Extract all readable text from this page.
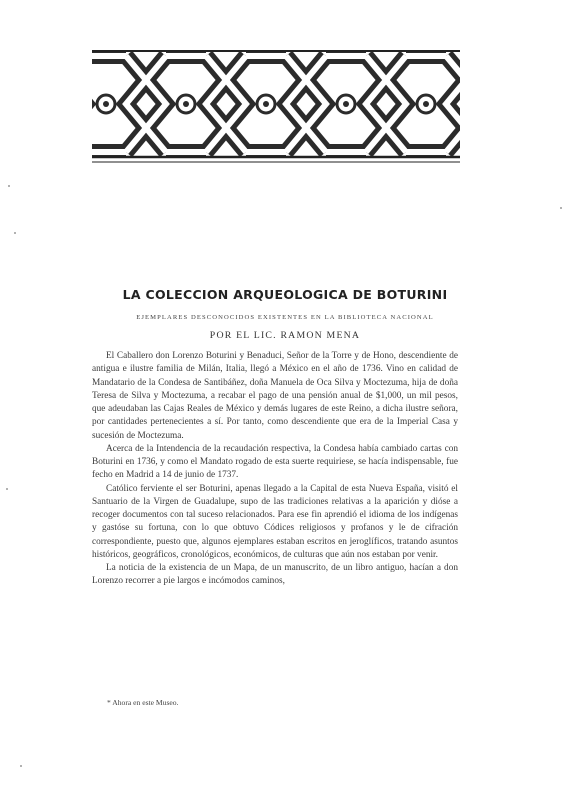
LA COLECCION ARQUEOLOGICA DE BOTURINI
EJEMPLARES DESCONOCIDOS EXISTENTES EN LA BIBLIOTECA NACIONAL
POR EL LIC. RAMON MENA

El Caballero don Lorenzo Boturini y Benaduci, Señor de la Torre y de Hono, descendiente de antigua e ilustre familia de Milán, Italia, llegó a México en el año de 1736. Vino en calidad de Mandatario de la Condesa de Santibáñez, doña Manuela de Oca Silva y Moctezuma, hija de doña Teresa de Silva y Moctezuma, a recabar el pago de una pensión anual de $1,000, un mil pesos, que adeudaban las Cajas Reales de México y demás lugares de este Reino, a dicha ilustre señora, por cantidades pertenecientes a sí. Por tanto, como descendiente que era de la Imperial Casa y sucesión de Moctezuma.

Acerca de la Intendencia de la recaudación respectiva, la Condesa había cambiado cartas con Boturini en 1736, y como el Mandato rogado de esta suerte requiriese, se hacía indispensable, fue fecho en Madrid a 14 de junio de 1737.

Católico ferviente el ser Boturini, apenas llegado a la Capital de esta Nueva España, visitó el Santuario de la Virgen de Guadalupe, supo de las tradiciones relativas a la aparición y dióse a recoger documentos con tal suceso relacionados. Para ese fin aprendió el idioma de los indígenas y gastóse su fortuna, con lo que obtuvo Códices religiosos y profanos y le de cifración correspondiente, puesto que, algunos ejemplares estaban escritos en jeroglíficos, tratando asuntos históricos, geográficos, cronológicos, económicos, de culturas que aún nos estaban por venir.

La noticia de la existencia de un Mapa, de un manuscrito, de un libro antiguo, hacían a don Lorenzo recorrer a pie largos e incómodos caminos,

* Ahora en este Museo.
